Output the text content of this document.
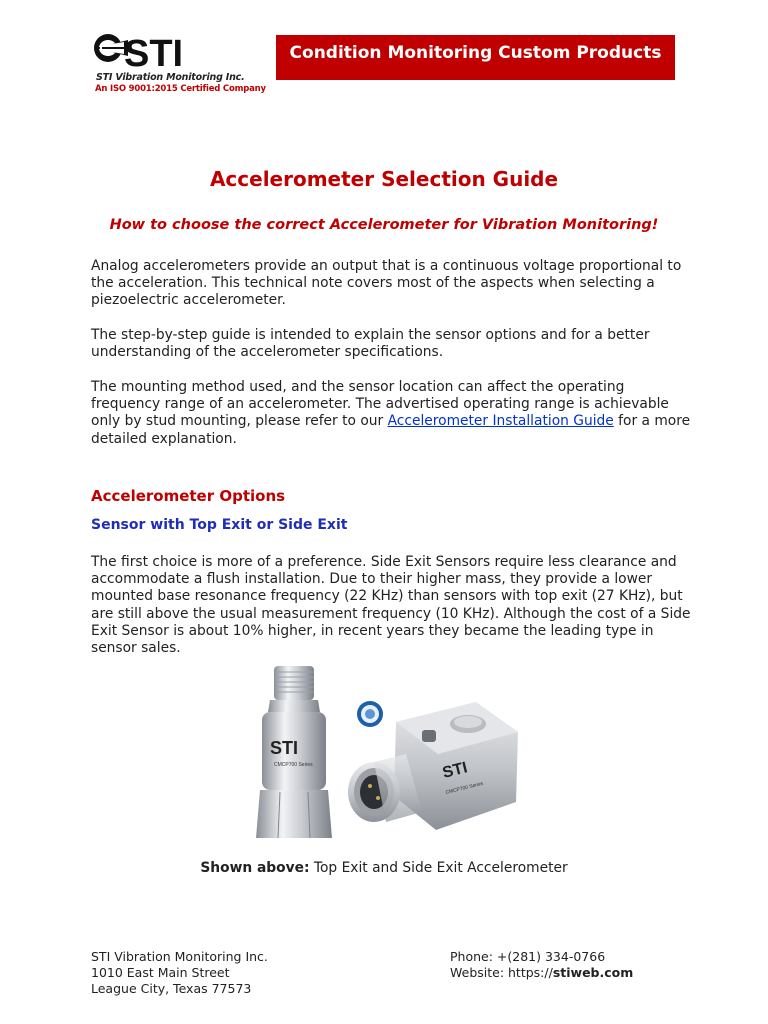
STI
STI Vibration Monitoring Inc.
An ISO 9001:2015 Certified Company
Condition Monitoring Custom Products
Accelerometer Selection Guide
How to choose the correct Accelerometer for Vibration Monitoring!
Analog accelerometers provide an output that is a continuous voltage proportional to the acceleration. This technical note covers most of the aspects when selecting a piezoelectric accelerometer.
The step-by-step guide is intended to explain the sensor options and for a better understanding of the accelerometer specifications.
The mounting method used, and the sensor location can affect the operating frequency range of an accelerometer. The advertised operating range is achievable only by stud mounting, please refer to our Accelerometer Installation Guide for a more detailed explanation.
Accelerometer Options
Sensor with Top Exit or Side Exit
The first choice is more of a preference. Side Exit Sensors require less clearance and accommodate a flush installation. Due to their higher mass, they provide a lower mounted base resonance frequency (22 KHz) than sensors with top exit (27 KHz), but are still above the usual measurement frequency (10 KHz). Although the cost of a Side Exit Sensor is about 10% higher, in recent years they became the leading type in sensor sales.
STI
CMCP700 Series	STI
CMCP700 Series
Shown above: Top Exit and Side Exit Accelerometer
STI Vibration Monitoring Inc.
1010 East Main Street
League City, Texas 77573
Phone: +(281) 334-0766
Website: https://stiweb.com
